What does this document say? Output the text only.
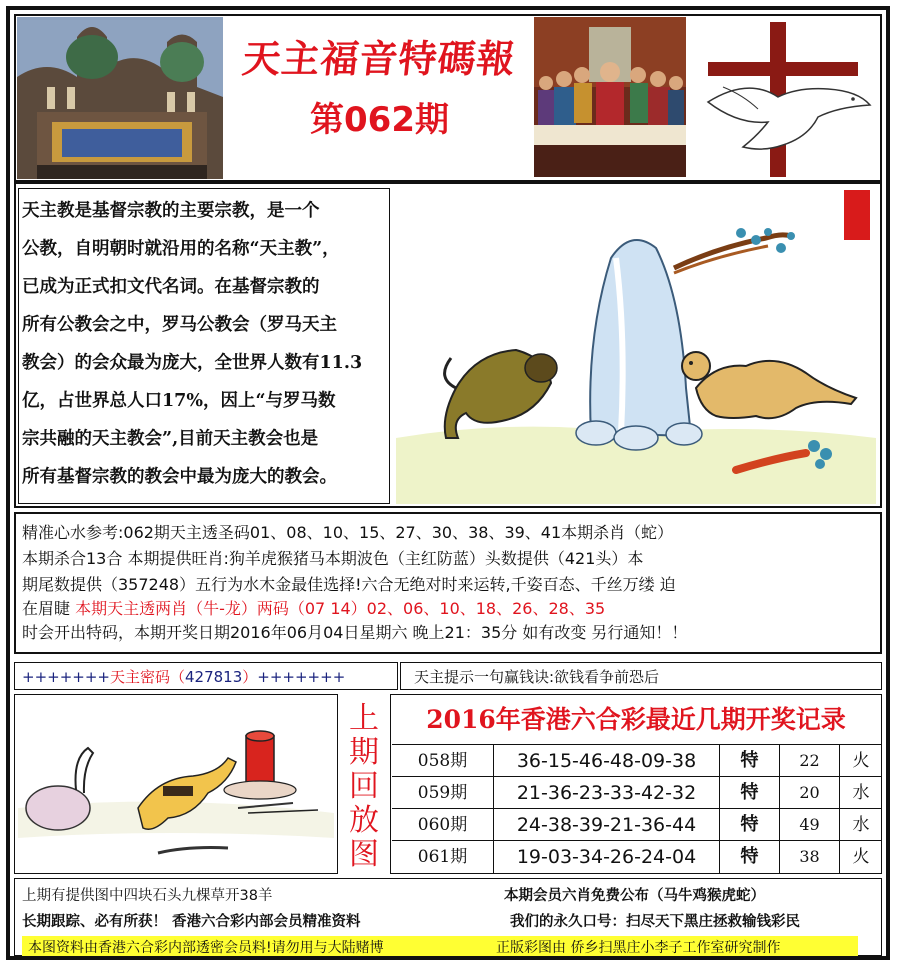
天主福音特碼報
第062期
天主教是基督宗教的主要宗教，是一个
公教，自明朝时就沿用的名称“天主教”，
已成为正式扣文代名词。在基督宗教的
所有公教会之中，罗马公教会（罗马天主
教会）的会众最为庞大，全世界人数有11.3
亿，占世界总人口17%，因上“与罗马数
宗共融的天主教会”,目前天主教会也是
所有基督宗教的教会中最为庞大的教会。
精准心水参考:062期天主透圣码01、08、10、15、27、30、38、39、41本期杀肖（蛇）
本期杀合13合 本期提供旺肖:狗羊虎猴猪马本期波色（主红防蓝）头数提供（421头）本
期尾数提供（357248）五行为水木金最佳选择!六合无绝对时来运转,千姿百态、千丝万缕 迫
在眉睫 本期天主透两肖（牛-龙）两码（07 14）02、06、10、18、26、28、35
时会开出特码，本期开奖日期2016年06月04日星期六 晚上21：35分 如有改变 另行通知！！
+++++++天主密码（427813）+++++++	天主提示一句赢钱诀:欲钱看争前恐后
上
期
回
放
图
2016年香港六合彩最近几期开奖记录
058期	36-15-46-48-09-38	特	22	火
059期	21-36-23-33-42-32	特	20	水
060期	24-38-39-21-36-44	特	49	水
061期	19-03-34-26-24-04	特	38	火
上期有提供图中四块石头九棵草开38羊	本期会员六肖免费公布（马牛鸡猴虎蛇）
长期跟踪、必有所获！ 香港六合彩内部会员精准资料	我们的永久口号：扫尽天下黑庄拯救输钱彩民
本图资料由香港六合彩内部透密会员料!请勿用与大陆赌博	正版彩图由 侨乡扫黑庄小李子工作室研究制作
